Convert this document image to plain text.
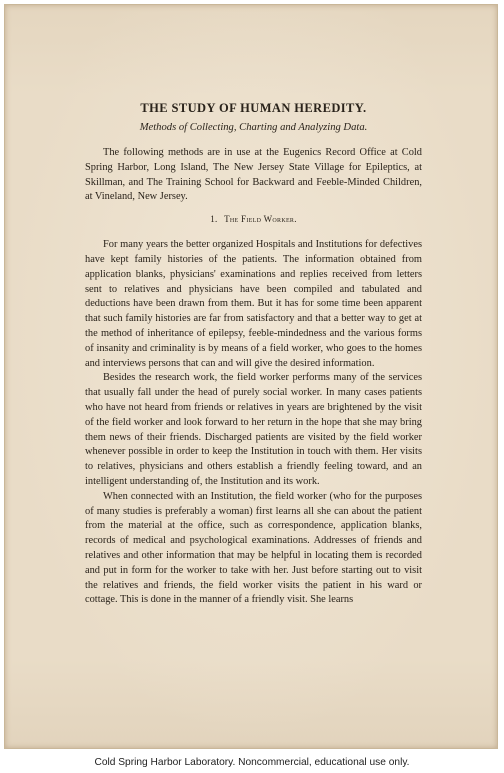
THE STUDY OF HUMAN HEREDITY.
Methods of Collecting, Charting and Analyzing Data.

The following methods are in use at the Eugenics Record Office at Cold Spring Harbor, Long Island, The New Jersey State Village for Epileptics, at Skillman, and The Training School for Backward and Feeble-Minded Children, at Vineland, New Jersey.

1. The Field Worker.

For many years the better organized Hospitals and Institutions for defectives have kept family histories of the patients. The information obtained from application blanks, physicians' examinations and replies received from letters sent to relatives and physicians have been compiled and tabulated and deductions have been drawn from them. But it has for some time been apparent that such family histories are far from satisfactory and that a better way to get at the method of inheritance of epilepsy, feeble-mindedness and the various forms of insanity and criminality is by means of a field worker, who goes to the homes and interviews persons that can and will give the desired information.

Besides the research work, the field worker performs many of the services that usually fall under the head of purely social worker. In many cases patients who have not heard from friends or relatives in years are brightened by the visit of the field worker and look forward to her return in the hope that she may bring them news of their friends. Discharged patients are visited by the field worker whenever possible in order to keep the Institution in touch with them. Her visits to relatives, physicians and others establish a friendly feeling toward, and an intelligent understanding of, the Institution and its work.

When connected with an Institution, the field worker (who for the purposes of many studies is preferably a woman) first learns all she can about the patient from the material at the office, such as correspondence, application blanks, records of medical and psychological examinations. Addresses of friends and relatives and other information that may be helpful in locating them is recorded and put in form for the worker to take with her. Just before starting out to visit the relatives and friends, the field worker visits the patient in his ward or cottage. This is done in the manner of a friendly visit. She learns

Cold Spring Harbor Laboratory. Noncommercial, educational use only.
